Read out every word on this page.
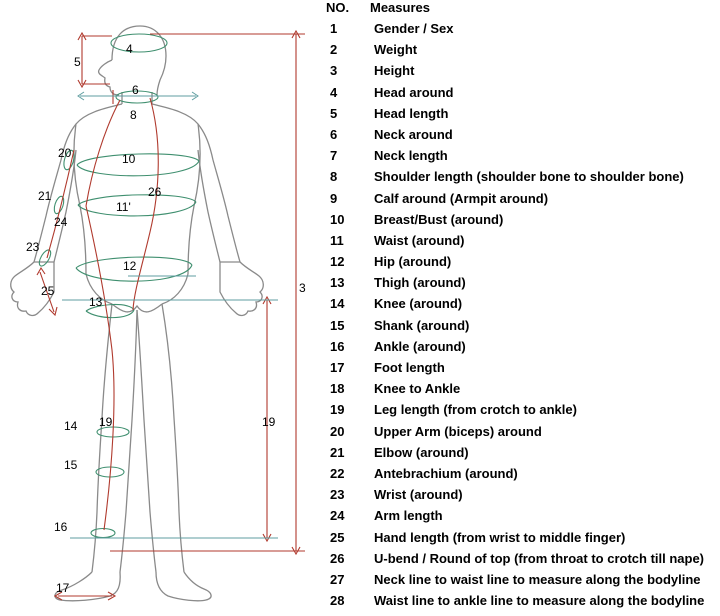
4
5
6
8
20	10
26
21
24
11'
23
12
25
13
3
19
19
14
15
16
17
NO.	Measures
1	Gender / Sex
2	Weight
3	Height
4	Head around
5	Head length
6	Neck around
7	Neck length
8	Shoulder length (shoulder bone to shoulder bone)
9	Calf around (Armpit around)
10	Breast/Bust (around)
11	Waist (around)
12	Hip (around)
13	Thigh (around)
14	Knee (around)
15	Shank (around)
16	Ankle (around)
17	Foot length
18	Knee to Ankle
19	Leg length (from crotch to ankle)
20	Upper Arm (biceps) around
21	Elbow (around)
22	Antebrachium (around)
23	Wrist (around)
24	Arm length
25	Hand length (from wrist to middle finger)
26	U-bend / Round of top (from throat to crotch till nape)
27	Neck line to waist line to measure along the bodyline
28	Waist line to ankle line to measure along the bodyline
